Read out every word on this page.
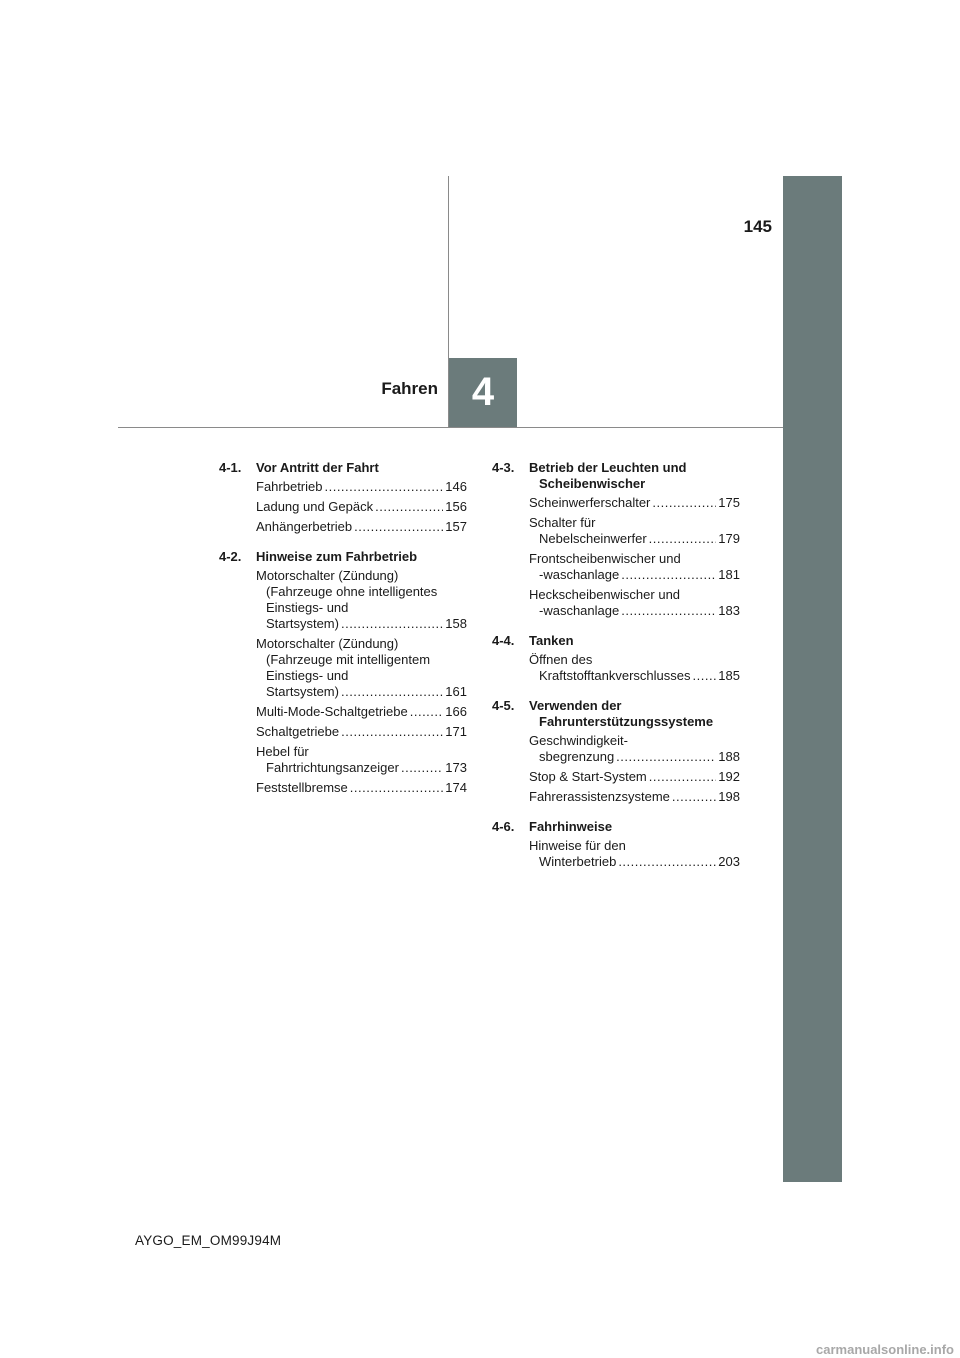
145
Fahren 4
4-1.	Vor Antritt der Fahrt
Fahrbetrieb .....	146
Ladung und Gepäck .....	156
Anhängerbetrieb .....	157
4-2.	Hinweise zum Fahrbetrieb
Motorschalter (Zündung)
(Fahrzeuge ohne intelligentes
Einstiegs- und
Startsystem) .....	158
Motorschalter (Zündung)
(Fahrzeuge mit intelligentem
Einstiegs- und
Startsystem) .....	161
Multi-Mode-Schaltgetriebe .....	166
Schaltgetriebe .....	171
Hebel für
Fahrtrichtungsanzeiger .....	173
Feststellbremse .....	174
4-3.	Betrieb der Leuchten und
Scheibenwischer
Scheinwerferschalter .....	175
Schalter für
Nebelscheinwerfer .....	179
Frontscheibenwischer und
-waschanlage .....	181
Heckscheibenwischer und
-waschanlage .....	183
4-4.	Tanken
Öffnen des
Kraftstofftankverschlusses ..... 185
4-5.	Verwenden der
Fahrunterstützungssysteme
Geschwindigkeit-
sbegrenzung .....	188
Stop & Start-System .....	192
Fahrerassistenzsysteme .....	198
4-6.	Fahrhinweise
Hinweise für den
Winterbetrieb .....	203
AYGO_EM_OM99J94M
carmanualsonline.info
